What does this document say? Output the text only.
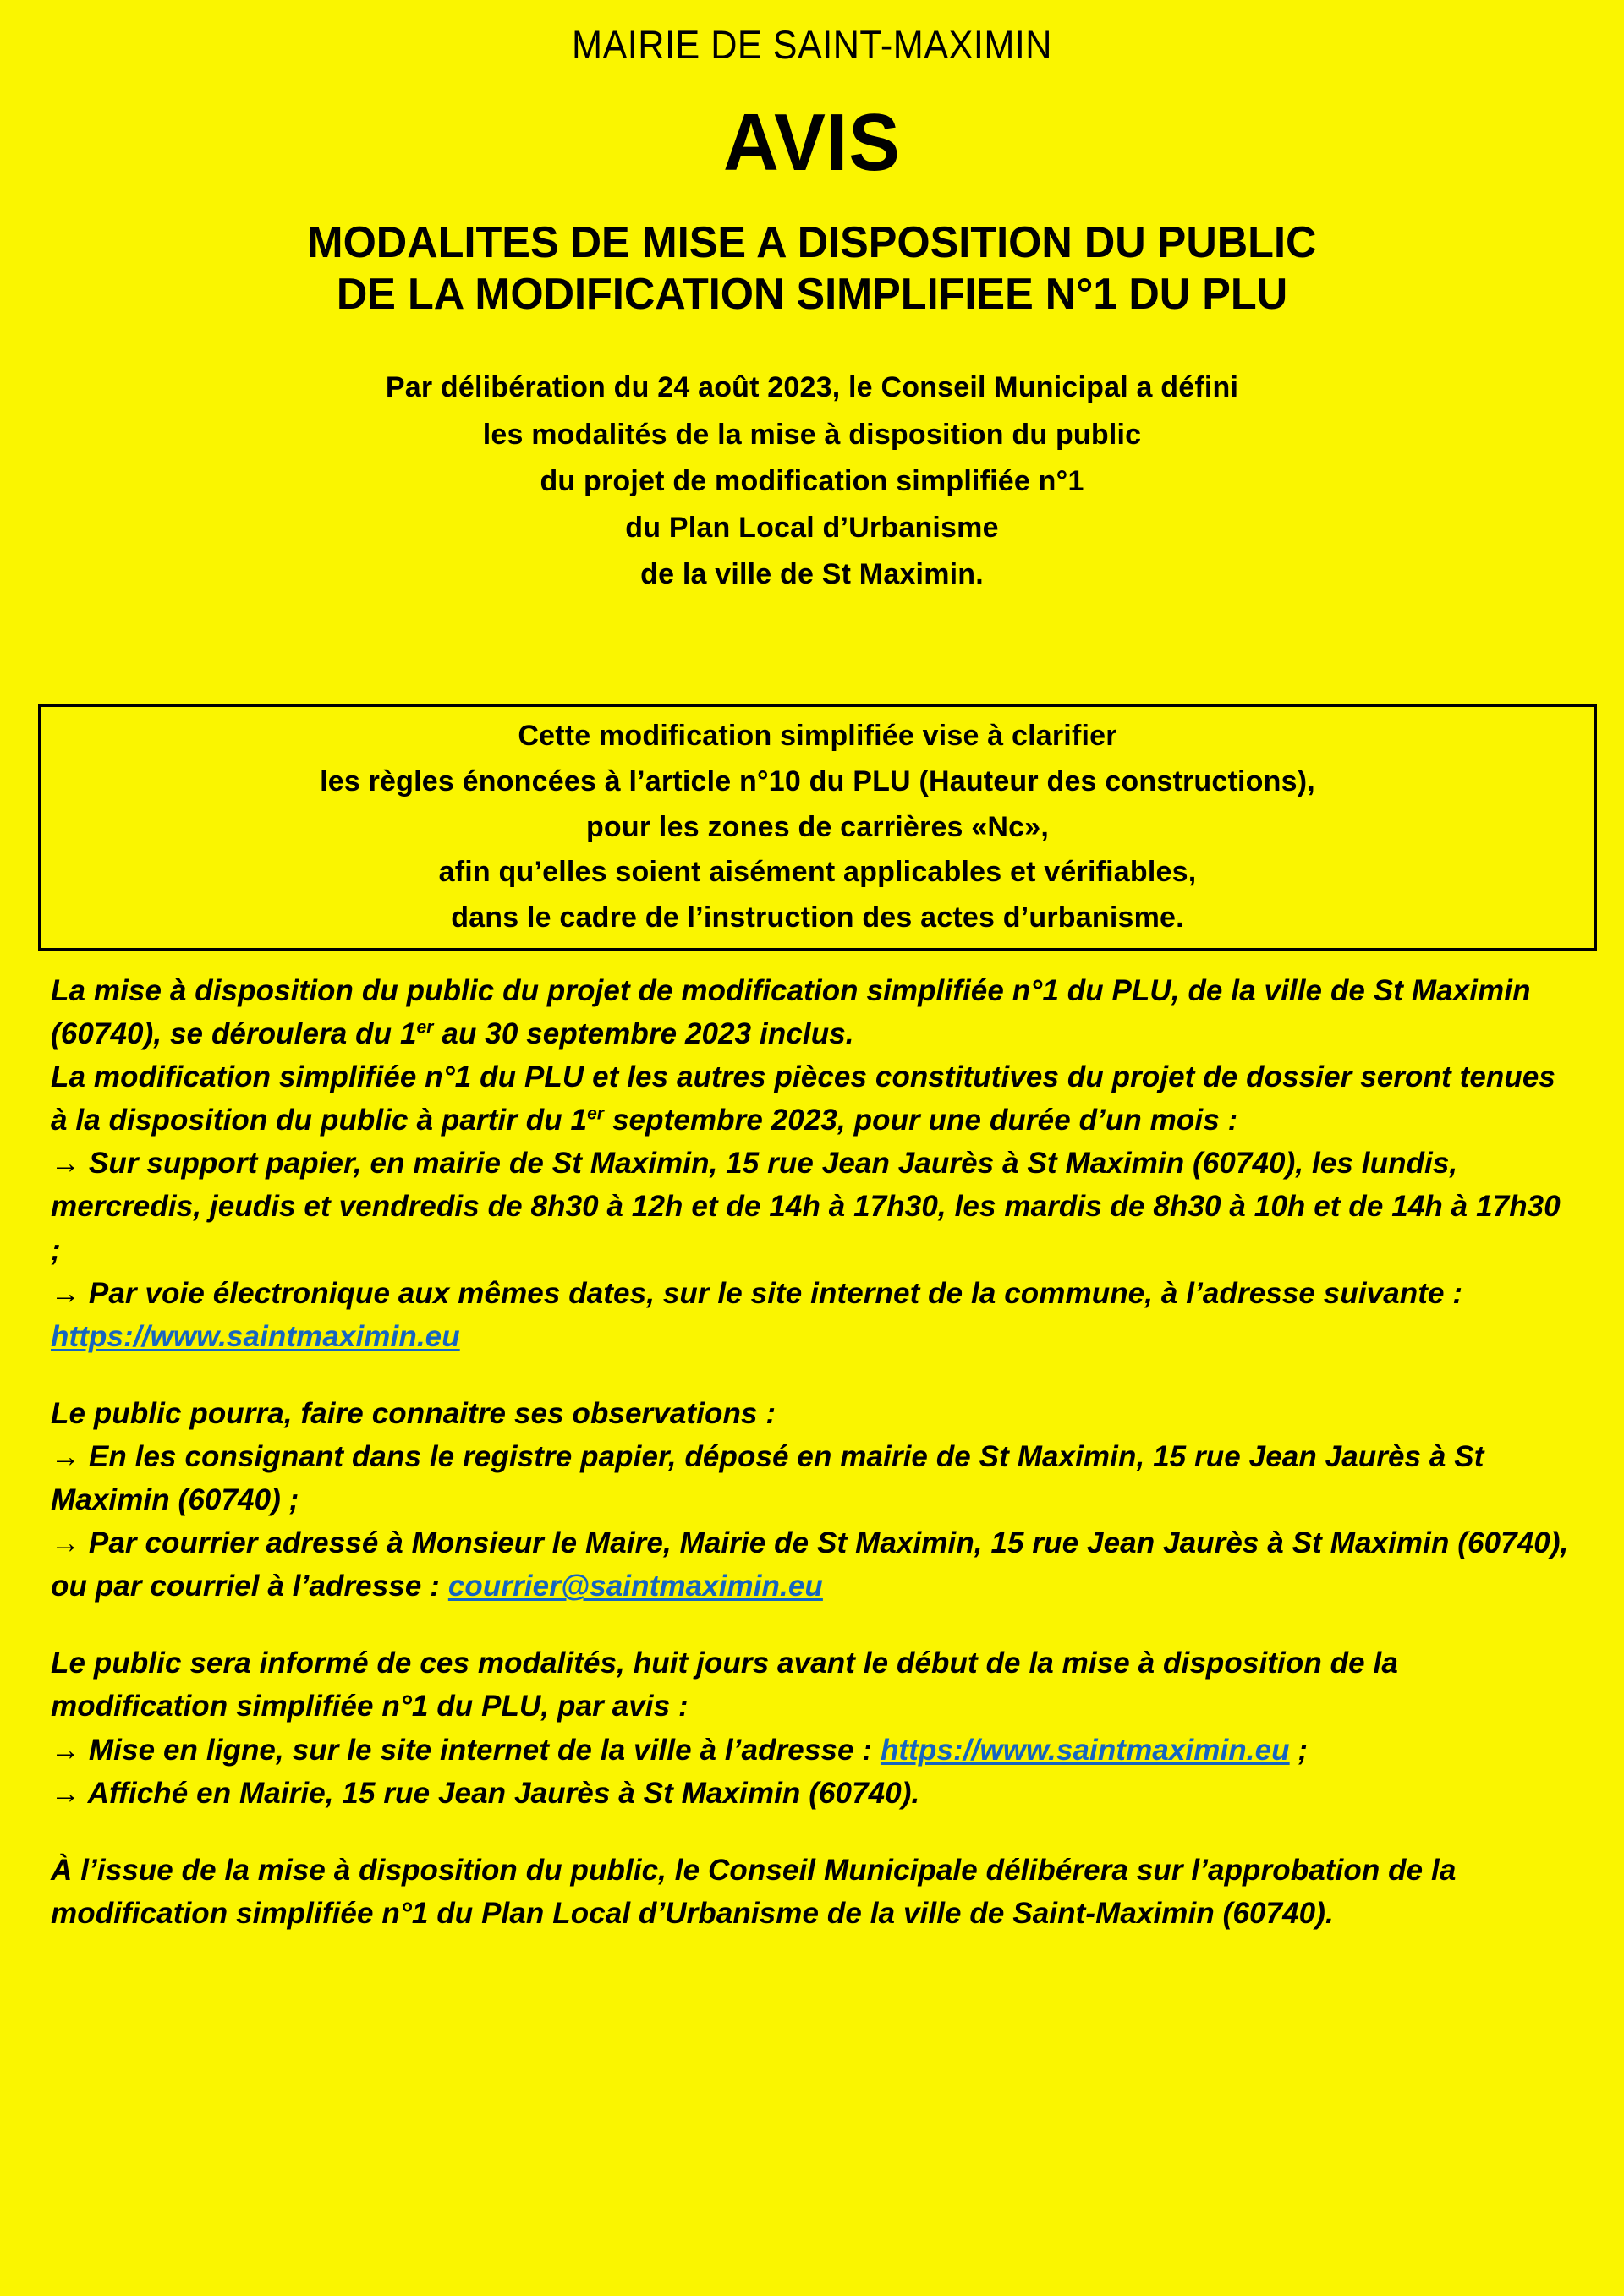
MAIRIE DE SAINT-MAXIMIN
AVIS
MODALITES DE MISE A DISPOSITION DU PUBLIC
DE LA MODIFICATION SIMPLIFIEE N°1 DU PLU
Par délibération du 24 août 2023, le Conseil Municipal a défini
les modalités de la mise à disposition du public
du projet de modification simplifiée n°1
du Plan Local d’Urbanisme
de la ville de St Maximin.
Cette modification simplifiée vise à clarifier
les règles énoncées à l’article n°10 du PLU (Hauteur des constructions),
pour les zones de carrières «Nc»,
afin qu’elles soient aisément applicables et vérifiables,
dans le cadre de l’instruction des actes d’urbanisme.

La mise à disposition du public du projet de modification simplifiée n°1 du PLU, de la ville de St Maximin (60740), se déroulera du 1er au 30 septembre 2023 inclus.

La modification simplifiée n°1 du PLU et les autres pièces constitutives du projet de dossier seront tenues à la disposition du public à partir du 1er septembre 2023, pour une durée d’un mois :

→ Sur support papier, en mairie de St Maximin, 15 rue Jean Jaurès à St Maximin (60740), les lundis, mercredis, jeudis et vendredis de 8h30 à 12h et de 14h à 17h30, les mardis de 8h30 à 10h et de 14h à 17h30 ;

→ Par voie électronique aux mêmes dates, sur le site internet de la commune, à l’adresse suivante : https://www.saintmaximin.eu

Le public pourra, faire connaitre ses observations :

→ En les consignant dans le registre papier, déposé en mairie de St Maximin, 15 rue Jean Jaurès à St Maximin (60740) ;

→ Par courrier adressé à Monsieur le Maire, Mairie de St Maximin, 15 rue Jean Jaurès à St Maximin (60740), ou par courriel à l’adresse : courrier@saintmaximin.eu

Le public sera informé de ces modalités, huit jours avant le début de la mise à disposition de la modification simplifiée n°1 du PLU, par avis :

→ Mise en ligne, sur le site internet de la ville à l’adresse : https://www.saintmaximin.eu ;

→ Affiché en Mairie, 15 rue Jean Jaurès à St Maximin (60740).

À l’issue de la mise à disposition du public, le Conseil Municipale délibérera sur l’approbation de la modification simplifiée n°1 du Plan Local d’Urbanisme de la ville de Saint-Maximin (60740).
